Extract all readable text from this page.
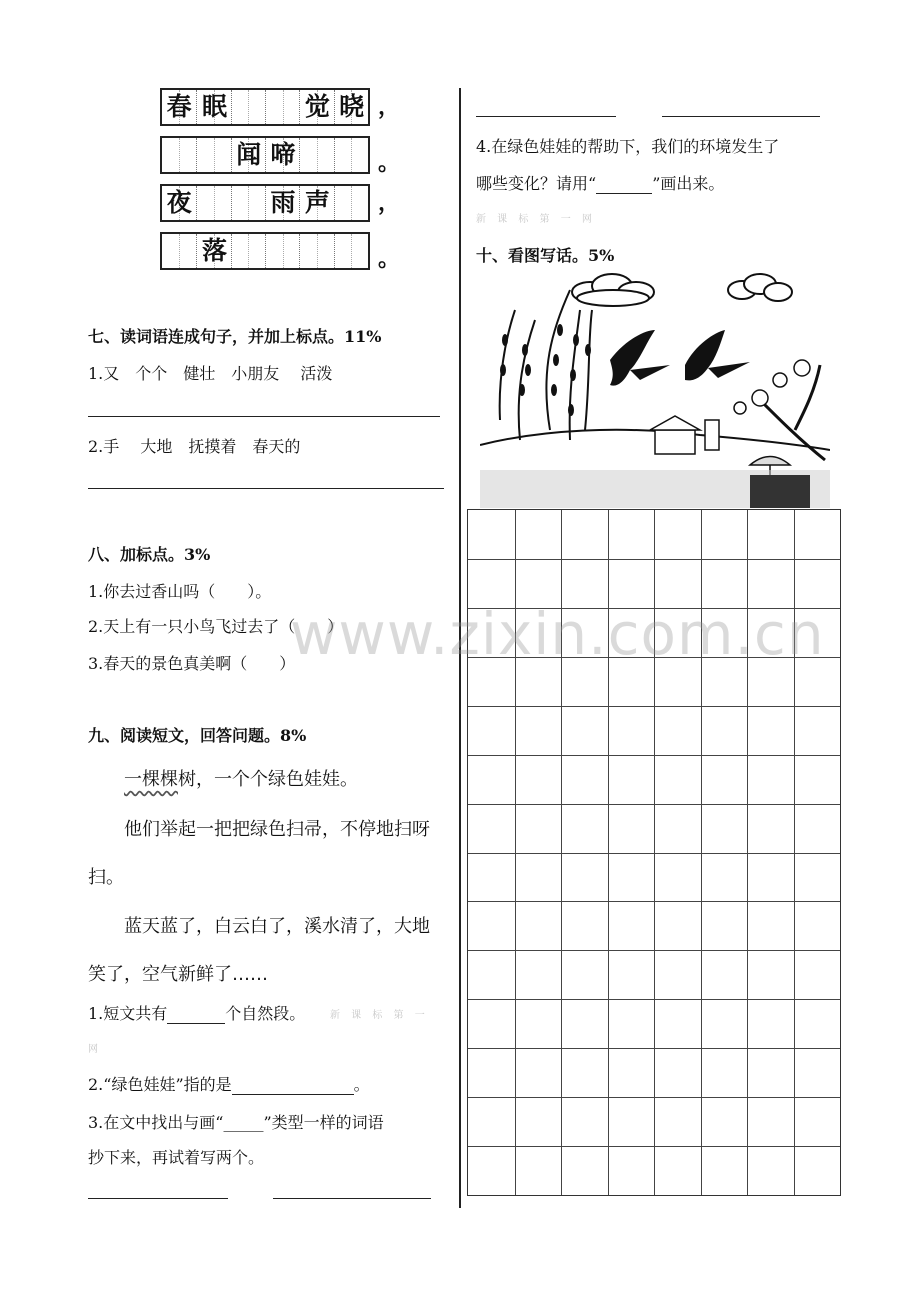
春 眠	觉 晓 ，
闻 啼	。
夜	雨 声 ，
落	。
七、读词语连成句子，并加上标点。11%
1.又　个个　健壮　小朋友　 活泼
2.手　 大地　抚摸着　春天的
八、加标点。3%
1.你去过香山吗（　　）。
2.天上有一只小鸟飞过去了（　　）
3.春天的景色真美啊（　　）
九、阅读短文，回答问题。8%
一棵棵树，一个个绿色娃娃。
他们举起一把把绿色扫帚，不停地扫呀
扫。
蓝天蓝了，白云白了，溪水清了，大地
笑了，空气新鲜了……
1.短文共有	个自然段。 新 课 标 第 一
网
2.“绿色娃娃”指的是	。
3.在文中找出与画“_____”类型一样的词语
抄下来，再试着写两个。
4.在绿色娃娃的帮助下，我们的环境发生了
哪些变化？请用“	”画出来。
新 课 标 第 一 网
十、看图写话。5%
www.zixin.com.cn
